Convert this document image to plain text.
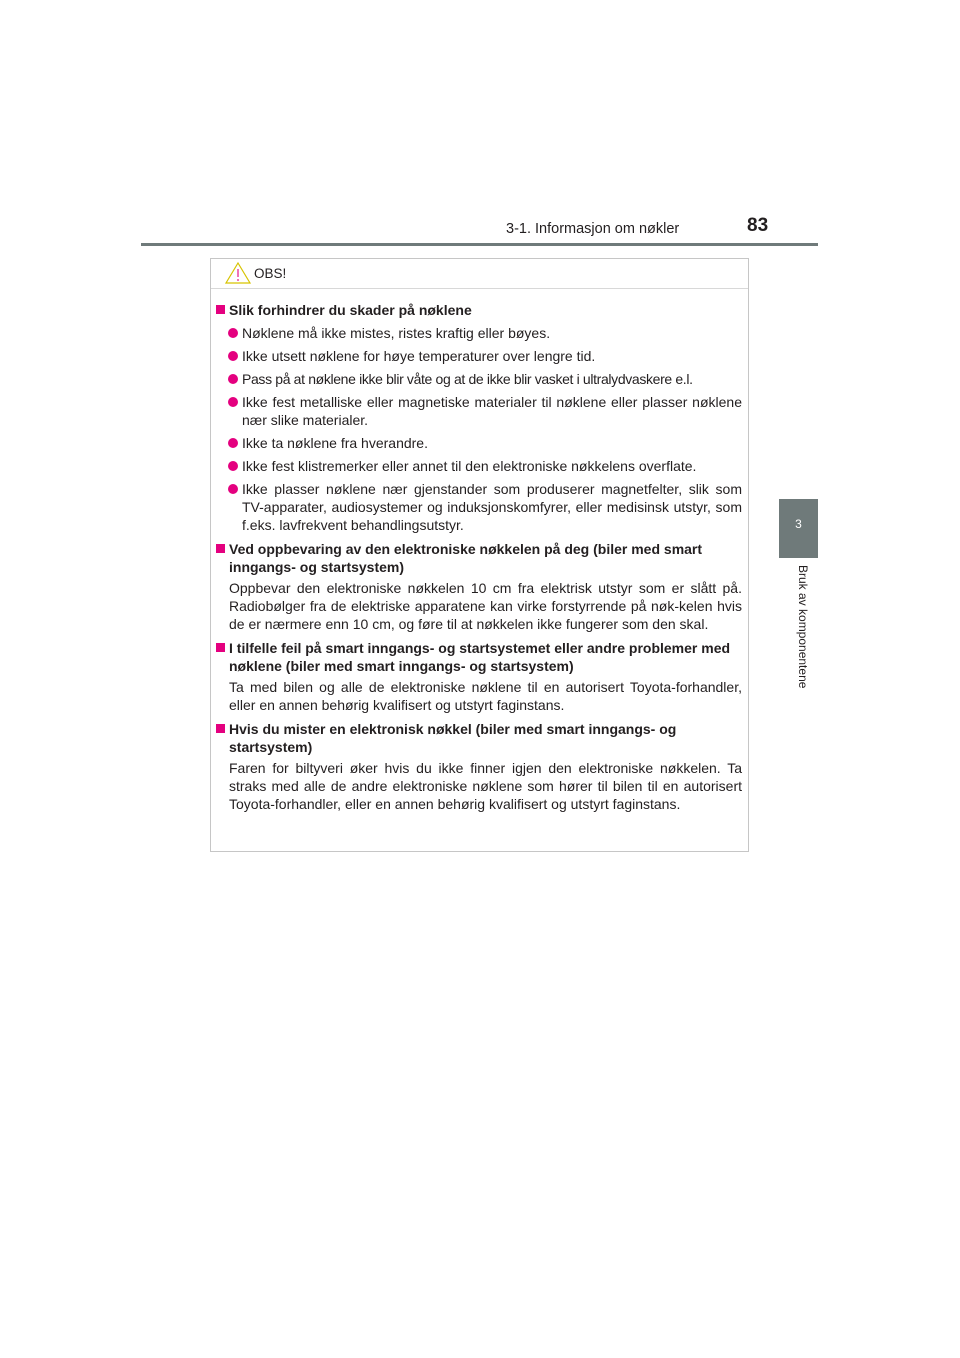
3-1. Informasjon om nøkler	83
3
Bruk av komponentene
OBS!
Slik forhindrer du skader på nøklene
Nøklene må ikke mistes, ristes kraftig eller bøyes.
Ikke utsett nøklene for høye temperaturer over lengre tid.
Pass på at nøklene ikke blir våte og at de ikke blir vasket i ultralydvaskere e.l.
Ikke fest metalliske eller magnetiske materialer til nøklene eller plasser nøklene nær slike materialer.
Ikke ta nøklene fra hverandre.
Ikke fest klistremerker eller annet til den elektroniske nøkkelens overflate.
Ikke plasser nøklene nær gjenstander som produserer magnetfelter, slik som TV-apparater, audiosystemer og induksjonskomfyrer, eller medisinsk utstyr, som f.eks. lavfrekvent behandlingsutstyr.
Ved oppbevaring av den elektroniske nøkkelen på deg (biler med smart inngangs- og startsystem)
Oppbevar den elektroniske nøkkelen 10 cm fra elektrisk utstyr som er slått på. Radiobølger fra de elektriske apparatene kan virke forstyrrende på nøk-kelen hvis de er nærmere enn 10 cm, og føre til at nøkkelen ikke fungerer som den skal.
I tilfelle feil på smart inngangs- og startsystemet eller andre problemer med nøklene (biler med smart inngangs- og startsystem)
Ta med bilen og alle de elektroniske nøklene til en autorisert Toyota-forhandler, eller en annen behørig kvalifisert og utstyrt faginstans.
Hvis du mister en elektronisk nøkkel (biler med smart inngangs- og startsystem)
Faren for biltyveri øker hvis du ikke finner igjen den elektroniske nøkkelen. Ta straks med alle de andre elektroniske nøklene som hører til bilen til en autorisert Toyota-forhandler, eller en annen behørig kvalifisert og utstyrt faginstans.
